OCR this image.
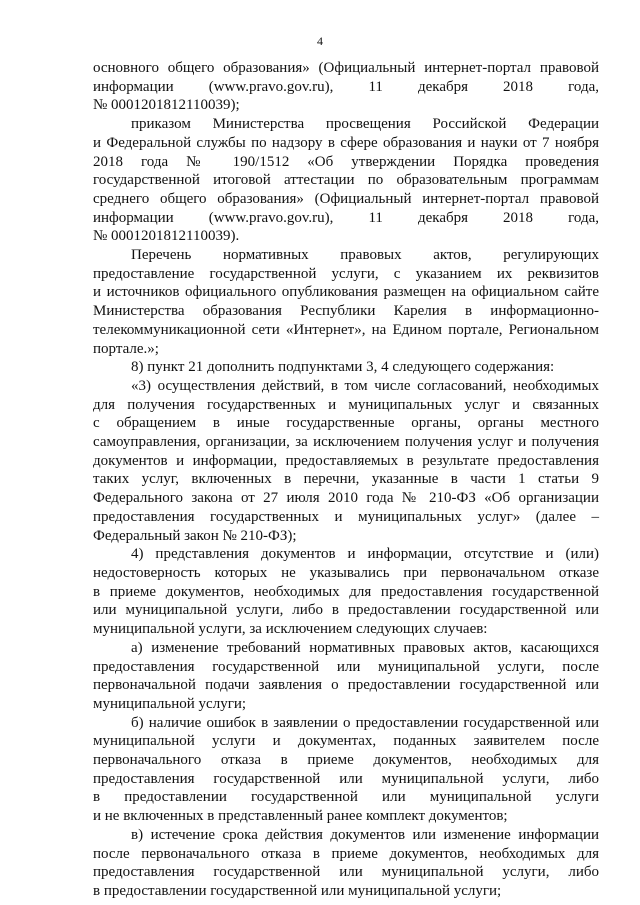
4
основного общего образования» (Официальный интернет-портал правовой
информации (www.pravo.gov.ru), 11 декабря 2018 года,
№ 0001201812110039);
приказом Министерства просвещения Российской Федерации
и Федеральной службы по надзору в сфере образования и науки от 7 ноября
2018 года № 190/1512 «Об утверждении Порядка проведения
государственной итоговой аттестации по образовательным программам
среднего общего образования» (Официальный интернет-портал правовой
информации (www.pravo.gov.ru), 11 декабря 2018 года,
№ 0001201812110039).
Перечень нормативных правовых актов, регулирующих
предоставление государственной услуги, с указанием их реквизитов
и источников официального опубликования размещен на официальном сайте
Министерства образования Республики Карелия в информационно-
телекоммуникационной сети «Интернет», на Едином портале, Региональном
портале.»;
8) пункт 21 дополнить подпунктами 3, 4 следующего содержания:
«3) осуществления действий, в том числе согласований, необходимых
для получения государственных и муниципальных услуг и связанных
с обращением в иные государственные органы, органы местного
самоуправления, организации, за исключением получения услуг и получения
документов и информации, предоставляемых в результате предоставления
таких услуг, включенных в перечни, указанные в части 1 статьи 9
Федерального закона от 27 июля 2010 года № 210-ФЗ «Об организации
предоставления государственных и муниципальных услуг» (далее –
Федеральный закон № 210-ФЗ);
4) представления документов и информации, отсутствие и (или)
недостоверность которых не указывались при первоначальном отказе
в приеме документов, необходимых для предоставления государственной
или муниципальной услуги, либо в предоставлении государственной или
муниципальной услуги, за исключением следующих случаев:
а) изменение требований нормативных правовых актов, касающихся
предоставления государственной или муниципальной услуги, после
первоначальной подачи заявления о предоставлении государственной или
муниципальной услуги;
б) наличие ошибок в заявлении о предоставлении государственной или
муниципальной услуги и документах, поданных заявителем после
первоначального отказа в приеме документов, необходимых для
предоставления государственной или муниципальной услуги, либо
в предоставлении государственной или муниципальной услуги
и не включенных в представленный ранее комплект документов;
в) истечение срока действия документов или изменение информации
после первоначального отказа в приеме документов, необходимых для
предоставления государственной или муниципальной услуги, либо
в предоставлении государственной или муниципальной услуги;
